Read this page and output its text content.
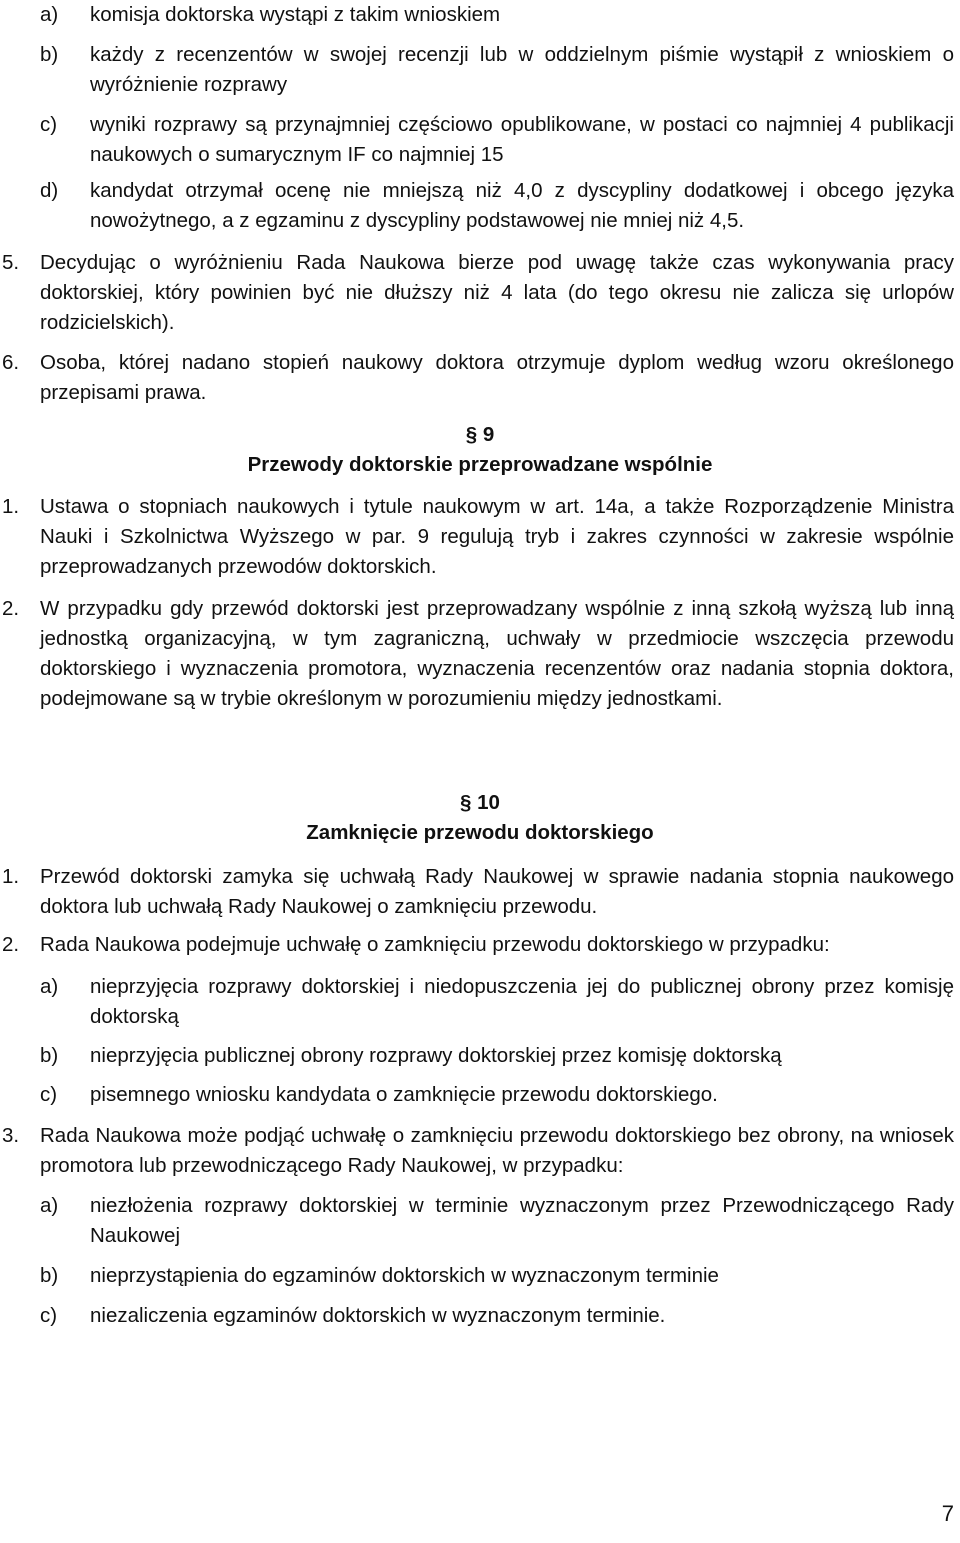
a)	komisja doktorska wystąpi z takim wnioskiem
b)	każdy z recenzentów w swojej recenzji lub w oddzielnym piśmie wystąpił z wnioskiem o wyróżnienie rozprawy
c)	wyniki rozprawy są przynajmniej częściowo opublikowane, w postaci co najmniej 4 publikacji naukowych o sumarycznym IF co najmniej 15
d)	kandydat otrzymał ocenę nie mniejszą niż 4,0 z dyscypliny dodatkowej i obcego języka nowożytnego, a z egzaminu z dyscypliny podstawowej nie mniej niż 4,5.
5.	Decydując o wyróżnieniu Rada Naukowa bierze pod uwagę także czas wykonywania pracy doktorskiej, który powinien być nie dłuższy niż 4 lata (do tego okresu nie zalicza się urlopów rodzicielskich).
6.	Osoba, której nadano stopień naukowy doktora otrzymuje dyplom według wzoru określonego przepisami prawa.
§ 9
Przewody doktorskie przeprowadzane wspólnie
1.	Ustawa o stopniach naukowych i tytule naukowym w art. 14a, a także Rozporządzenie Ministra Nauki i Szkolnictwa Wyższego w par. 9 regulują tryb i zakres czynności w zakresie wspólnie przeprowadzanych przewodów doktorskich.
2.	W przypadku gdy przewód doktorski jest przeprowadzany wspólnie z inną szkołą wyższą lub inną jednostką organizacyjną, w tym zagraniczną, uchwały w przedmiocie wszczęcia przewodu doktorskiego i wyznaczenia promotora, wyznaczenia recenzentów oraz nadania stopnia doktora, podejmowane są w trybie określonym w porozumieniu między jednostkami.
§ 10
Zamknięcie przewodu doktorskiego
1.	Przewód doktorski zamyka się uchwałą Rady Naukowej w sprawie nadania stopnia naukowego doktora lub uchwałą Rady Naukowej o zamknięciu przewodu.
2.	Rada Naukowa podejmuje uchwałę o zamknięciu przewodu doktorskiego w przypadku:
a)	nieprzyjęcia rozprawy doktorskiej i niedopuszczenia jej do publicznej obrony przez komisję doktorską
b)	nieprzyjęcia publicznej obrony rozprawy doktorskiej przez komisję doktorską
c)	pisemnego wniosku kandydata o zamknięcie przewodu doktorskiego.
3.	Rada Naukowa może podjąć uchwałę o zamknięciu przewodu doktorskiego bez obrony, na wniosek promotora lub przewodniczącego Rady Naukowej, w przypadku:
a)	niezłożenia rozprawy doktorskiej w terminie wyznaczonym przez Przewodniczącego Rady Naukowej
b)	nieprzystąpienia do egzaminów doktorskich w wyznaczonym terminie
c)	niezaliczenia egzaminów doktorskich w wyznaczonym terminie.
7
